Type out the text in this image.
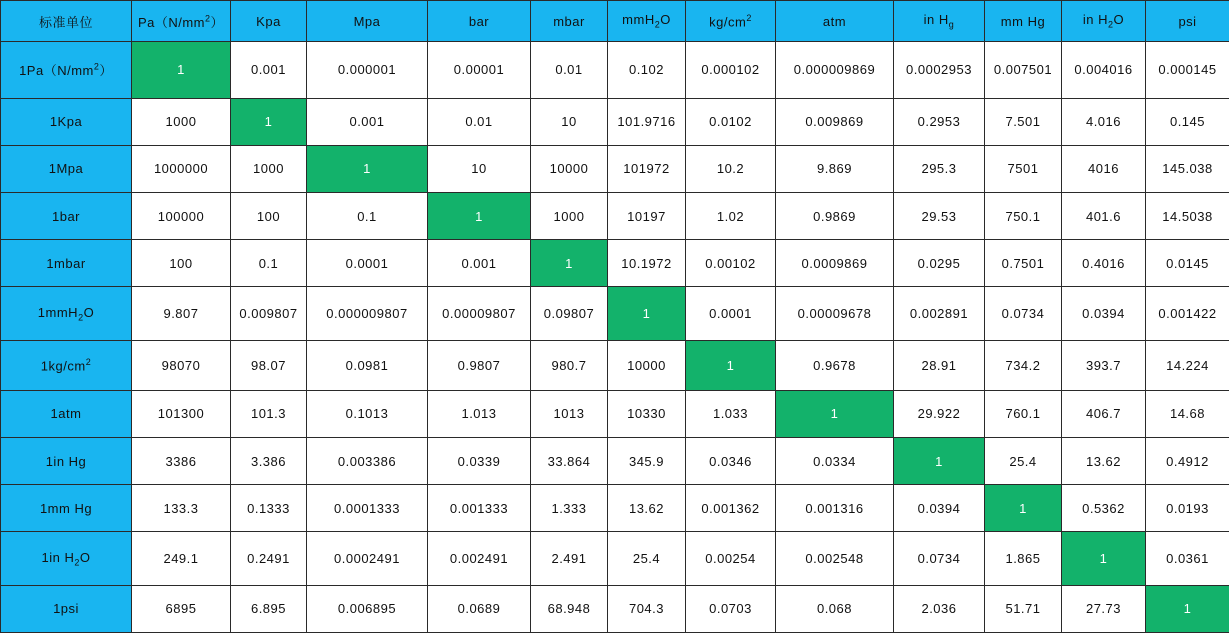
标准单位	$Pa(N/mm^2)$	Kpa	Mpa	bar	mbar	mmH$_2$O	$kg/cm^2$	atm	in $H_g$	mm Hg	in $H_2O$	psi
$1Pa(N/mm^2)$	1	0.001	0.000001	0.00001	0.01	0.102	0.000102	0.000009869	0.0002953	0.007501	0.004016	0.000145
1Kpa	1000	1	0.001	0.01	10	101.9716	0.0102	0.009869	0.2953	7.501	4.016	0.145
1Mpa	1000000	1000	1	10	10000	101972	10.2	9.869	295.3	7501	4016	145.038
1bar	100000	100	0.1	1	1000	10197	1.02	0.9869	29.53	750.1	401.6	14.5038
1mbar	100	0.1	0.0001	0.001	1	10.1972	0.00102	0.0009869	0.0295	0.7501	0.4016	0.0145
1mmH$_2$O	9.807	0.009807	0.000009807	0.00009807	0.09807	1	0.0001	0.00009678	0.002891	0.0734	0.0394	0.001422
$1kg/cm^2$	98070	98.07	0.0981	0.9807	980.7	10000	1	0.9678	28.91	734.2	393.7	14.224
1atm	101300	101.3	0.1013	1.013	1013	10330	1.033	1	29.922	760.1	406.7	14.68
1in Hg	3386	3.386	0.003386	0.0339	33.864	345.9	0.0346	0.0334	1	25.4	13.62	0.4912
1mm Hg	133.3	0.1333	0.0001333	0.001333	1.333	13.62	0.001362	0.001316	0.0394	1	0.5362	0.0193
1in $H_2O$	249.1	0.2491	0.0002491	0.002491	2.491	25.4	0.00254	0.002548	0.0734	1.865	1	0.0361
1psi	6895	6.895	0.006895	0.0689	68.948	704.3	0.0703	0.068	2.036	51.71	27.73	1
